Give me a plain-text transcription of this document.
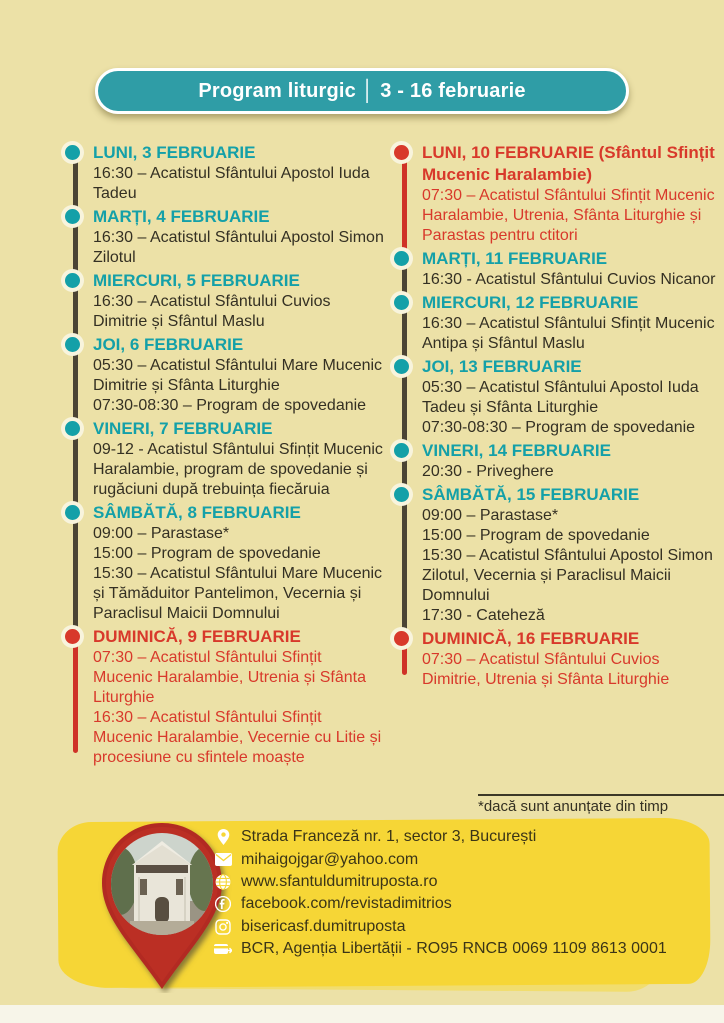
Program liturgic │ 3 - 16 februarie
LUNI, 3 FEBRUARIE
16:30 – Acatistul Sfântului Apostol Iuda Tadeu
MARȚI, 4 FEBRUARIE
16:30 – Acatistul Sfântului Apostol Simon Zilotul
MIERCURI, 5 FEBRUARIE
16:30 – Acatistul Sfântului Cuvios Dimitrie și Sfântul Maslu
JOI, 6 FEBRUARIE
05:30 – Acatistul Sfântului Mare Mucenic Dimitrie și Sfânta Liturghie
07:30-08:30 – Program de spovedanie
VINERI, 7 FEBRUARIE
09-12 - Acatistul Sfântului Sfințit Mucenic Haralambie, program de spovedanie și rugăciuni după trebuința fiecăruia
SÂMBĂTĂ, 8 FEBRUARIE
09:00 – Parastase*
15:00 – Program de spovedanie
15:30 – Acatistul Sfântului Mare Mucenic și Tămăduitor Pantelimon, Vecernia și Paraclisul Maicii Domnului
DUMINICĂ, 9 FEBRUARIE
07:30 – Acatistul Sfântului Sfințit Mucenic Haralambie, Utrenia și Sfânta Liturghie
16:30 – Acatistul Sfântului Sfințit Mucenic Haralambie, Vecernie cu Litie și procesiune cu sfintele moaște
LUNI, 10 FEBRUARIE (Sfântul Sfințit Mucenic Haralambie)
07:30 – Acatistul Sfântului Sfințit Mucenic Haralambie, Utrenia, Sfânta Liturghie și Parastas pentru ctitori
MARȚI, 11 FEBRUARIE
16:30 - Acatistul Sfântului Cuvios Nicanor
MIERCURI, 12 FEBRUARIE
16:30 – Acatistul Sfântului Sfințit Mucenic Antipa și Sfântul Maslu
JOI, 13 FEBRUARIE
05:30 – Acatistul Sfântului Apostol Iuda Tadeu și Sfânta Liturghie
07:30-08:30 – Program de spovedanie
VINERI, 14 FEBRUARIE
20:30 - Priveghere
SÂMBĂTĂ, 15 FEBRUARIE
09:00 – Parastase*
15:00 – Program de spovedanie
15:30 – Acatistul Sfântului Apostol Simon Zilotul, Vecernia și Paraclisul Maicii Domnului
17:30 - Cateheză
DUMINICĂ, 16 FEBRUARIE
07:30 – Acatistul Sfântului Cuvios Dimitrie, Utrenia și Sfânta Liturghie
*dacă sunt anunțate din timp
Strada Franceză nr. 1, sector 3, București
mihaigojgar@yahoo.com
www.sfantuldumitruposta.ro
facebook.com/revistadimitrios
bisericasf.dumitruposta
BCR, Agenția Libertății - RO95 RNCB 0069 1109 8613 0001
